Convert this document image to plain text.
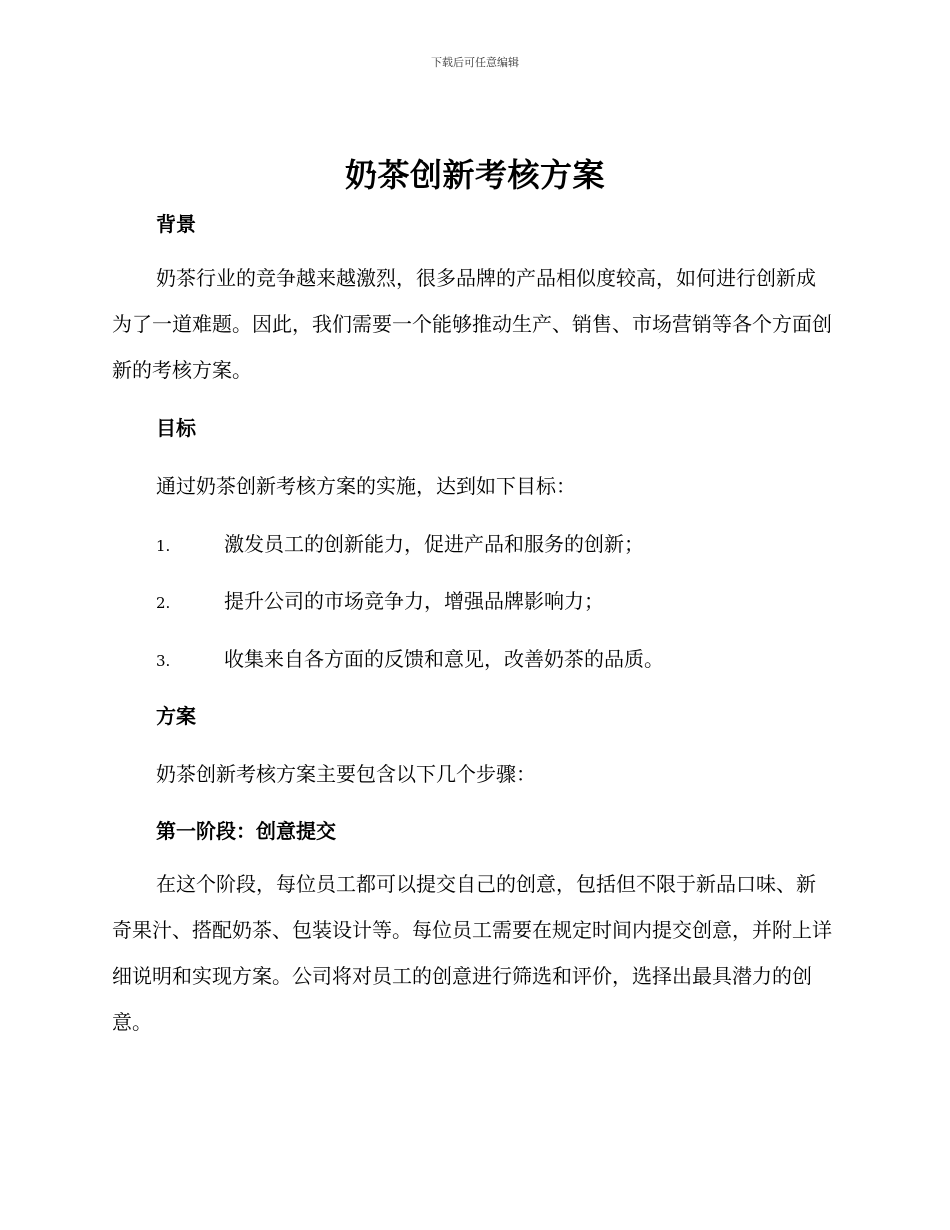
下载后可任意编辑
奶茶创新考核方案
背景
奶茶行业的竞争越来越激烈，很多品牌的产品相似度较高，如何进行创新成为了一道难题。因此，我们需要一个能够推动生产、销售、市场营销等各个方面创新的考核方案。
目标
通过奶茶创新考核方案的实施，达到如下目标：
1.	激发员工的创新能力，促进产品和服务的创新；
2.	提升公司的市场竞争力，增强品牌影响力；
3.	收集来自各方面的反馈和意见，改善奶茶的品质。
方案
奶茶创新考核方案主要包含以下几个步骤：
第一阶段：创意提交
在这个阶段，每位员工都可以提交自己的创意，包括但不限于新品口味、新奇果汁、搭配奶茶、包装设计等。每位员工需要在规定时间内提交创意，并附上详细说明和实现方案。公司将对员工的创意进行筛选和评价，选择出最具潜力的创意。
